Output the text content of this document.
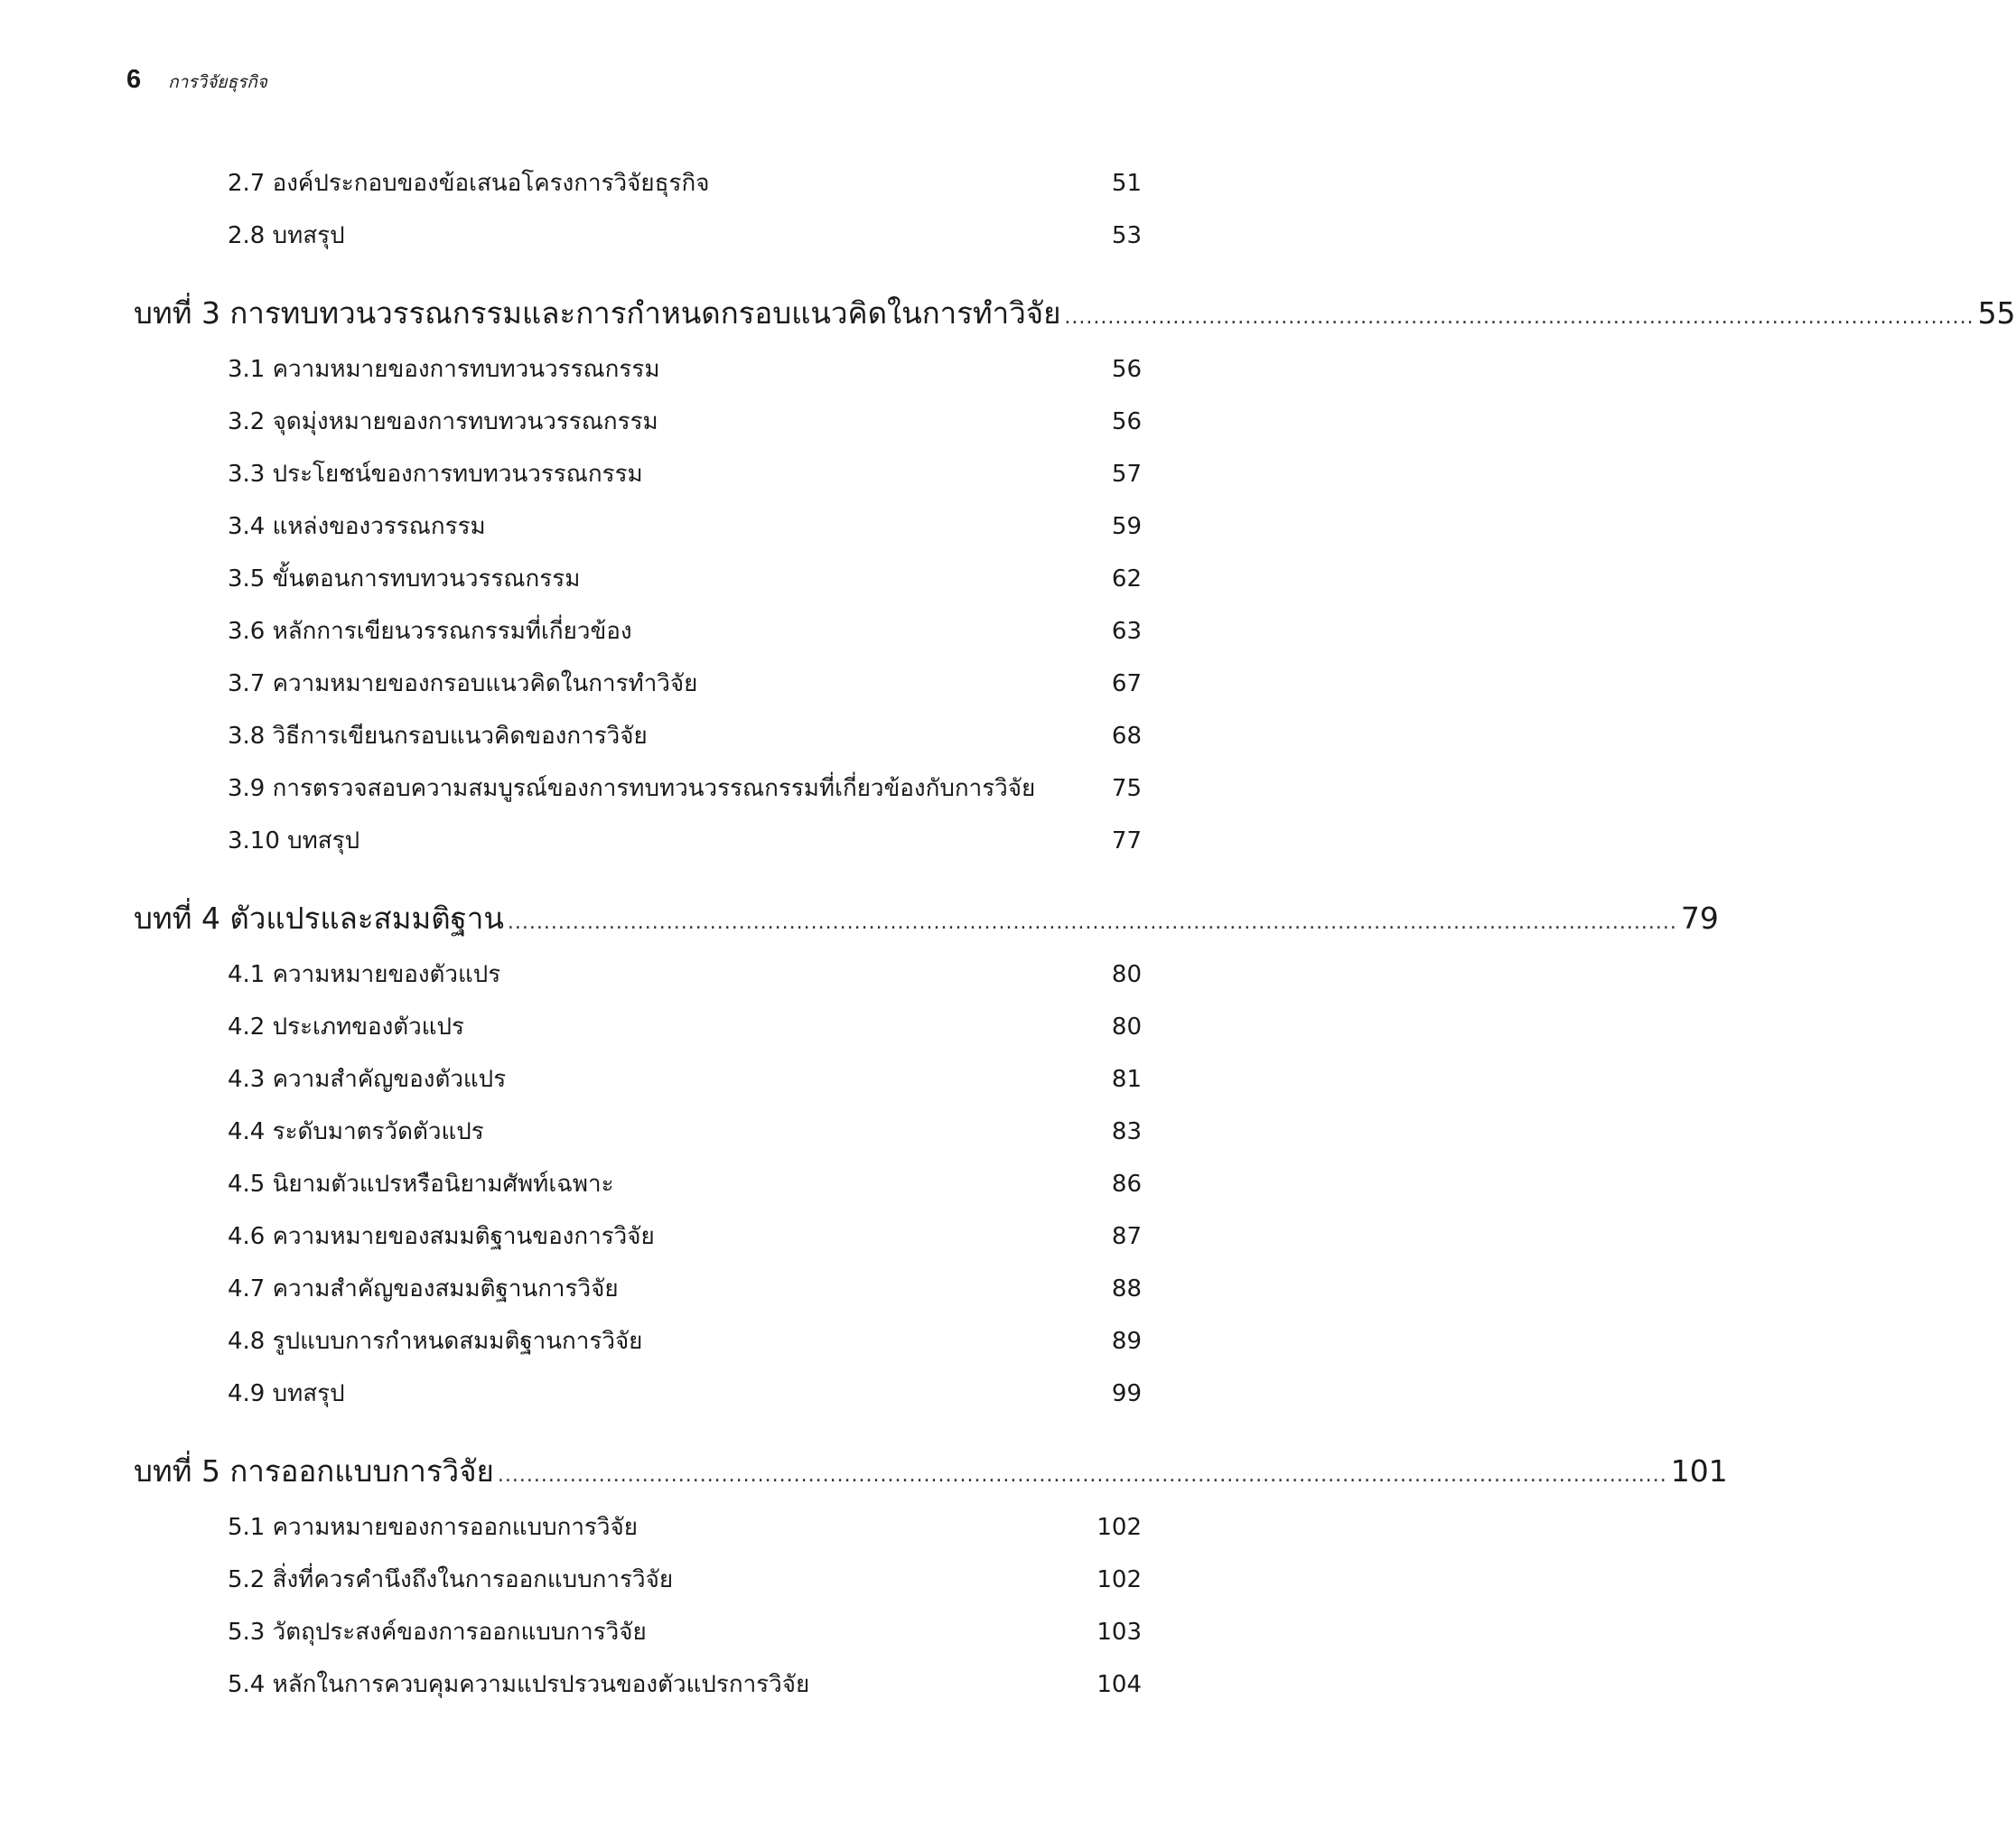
6 การวิจัยธุรกิจ
2.7 องค์ประกอบของข้อเสนอโครงการวิจัยธุรกิจ	51
2.8 บทสรุป	53
บทที่ 3 การทบทวนวรรณกรรมและการกำหนดกรอบแนวคิดในการทำวิจัย .............................................................................................................................. 55
3.1 ความหมายของการทบทวนวรรณกรรม	56
3.2 จุดมุ่งหมายของการทบทวนวรรณกรรม	56
3.3 ประโยชน์ของการทบทวนวรรณกรรม	57
3.4 แหล่งของวรรณกรรม	59
3.5 ขั้นตอนการทบทวนวรรณกรรม	62
3.6 หลักการเขียนวรรณกรรมที่เกี่ยวข้อง	63
3.7 ความหมายของกรอบแนวคิดในการทำวิจัย	67
3.8 วิธีการเขียนกรอบแนวคิดของการวิจัย	68
3.9 การตรวจสอบความสมบูรณ์ของการทบทวนวรรณกรรมที่เกี่ยวข้องกับการวิจัย	75
3.10 บทสรุป	77
บทที่ 4 ตัวแปรและสมมติฐาน .................................................................................................................................................................. 79
4.1 ความหมายของตัวแปร	80
4.2 ประเภทของตัวแปร	80
4.3 ความสำคัญของตัวแปร	81
4.4 ระดับมาตรวัดตัวแปร	83
4.5 นิยามตัวแปรหรือนิยามศัพท์เฉพาะ	86
4.6 ความหมายของสมมติฐานของการวิจัย	87
4.7 ความสำคัญของสมมติฐานการวิจัย	88
4.8 รูปแบบการกำหนดสมมติฐานการวิจัย	89
4.9 บทสรุป	99
บทที่ 5 การออกแบบการวิจัย .................................................................................................................................................................. 101
5.1 ความหมายของการออกแบบการวิจัย	102
5.2 สิ่งที่ควรคำนึงถึงในการออกแบบการวิจัย	102
5.3 วัตถุประสงค์ของการออกแบบการวิจัย	103
5.4 หลักในการควบคุมความแปรปรวนของตัวแปรการวิจัย	104
